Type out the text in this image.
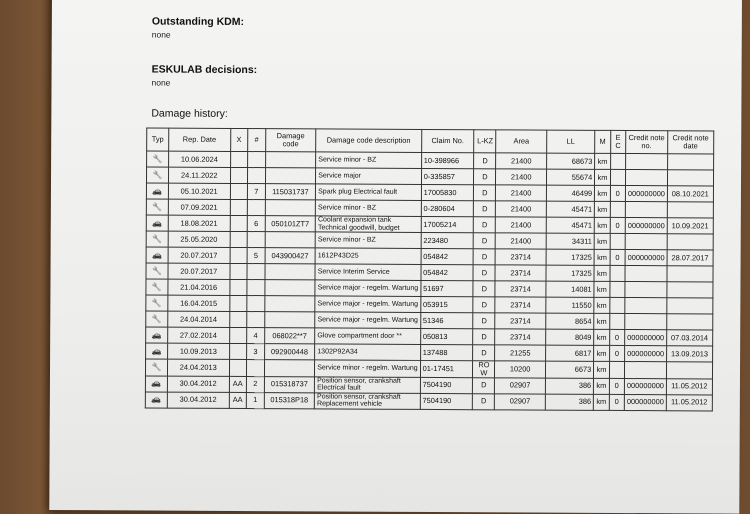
Outstanding KDM:
none
ESKULAB decisions:
none
Damage history:
Typ	Rep. Date	X	#	Damage code	Damage code description	Claim No.	L-KZ	Area	LL	M	E C	Credit note no.	Credit note date
🔧	10.06.2024				Service minor - BZ	10-398966	D	21400	68673	km			
🔧	24.11.2022				Service major	0-335857	D	21400	55674	km			
🚗	05.10.2021		7	115031737	Spark plug Electrical fault	17005830	D	21400	46499	km	0	000000000	08.10.2021
🔧	07.09.2021				Service minor - BZ	0-280604	D	21400	45471	km			
🚗	18.08.2021		6	050101ZT7	Coolant expansion tank Technical goodwill, budget	17005214	D	21400	45471	km	0	000000000	10.09.2021
🔧	25.05.2020				Service minor - BZ	223480	D	21400	34311	km			
🚗	20.07.2017		5	043900427	1612P43D25	054842	D	23714	17325	km	0	000000000	28.07.2017
🔧	20.07.2017				Service Interim Service	054842	D	23714	17325	km			
🔧	21.04.2016				Service major - regelm. Wartung	51697	D	23714	14081	km			
🔧	16.04.2015				Service major - regelm. Wartung	053915	D	23714	11550	km			
🔧	24.04.2014				Service major - regelm. Wartung	51346	D	23714	8654	km			
🚗	27.02.2014		4	068022**7	Glove compartment door **	050813	D	23714	8049	km	0	000000000	07.03.2014
🚗	10.09.2013		3	092900448	1302P92A34	137488	D	21255	6817	km	0	000000000	13.09.2013
🔧	24.04.2013				Service minor - regelm. Wartung	01-17451	RO W	10200	6673	km			
🚗	30.04.2012	AA	2	015318737	Position sensor, crankshaft Electrical fault	7504190	D	02907	386	km	0	000000000	11.05.2012
🚗	30.04.2012	AA	1	015318P18	Position sensor, crankshaft Replacement vehicle	7504190	D	02907	386	km	0	000000000	11.05.2012
